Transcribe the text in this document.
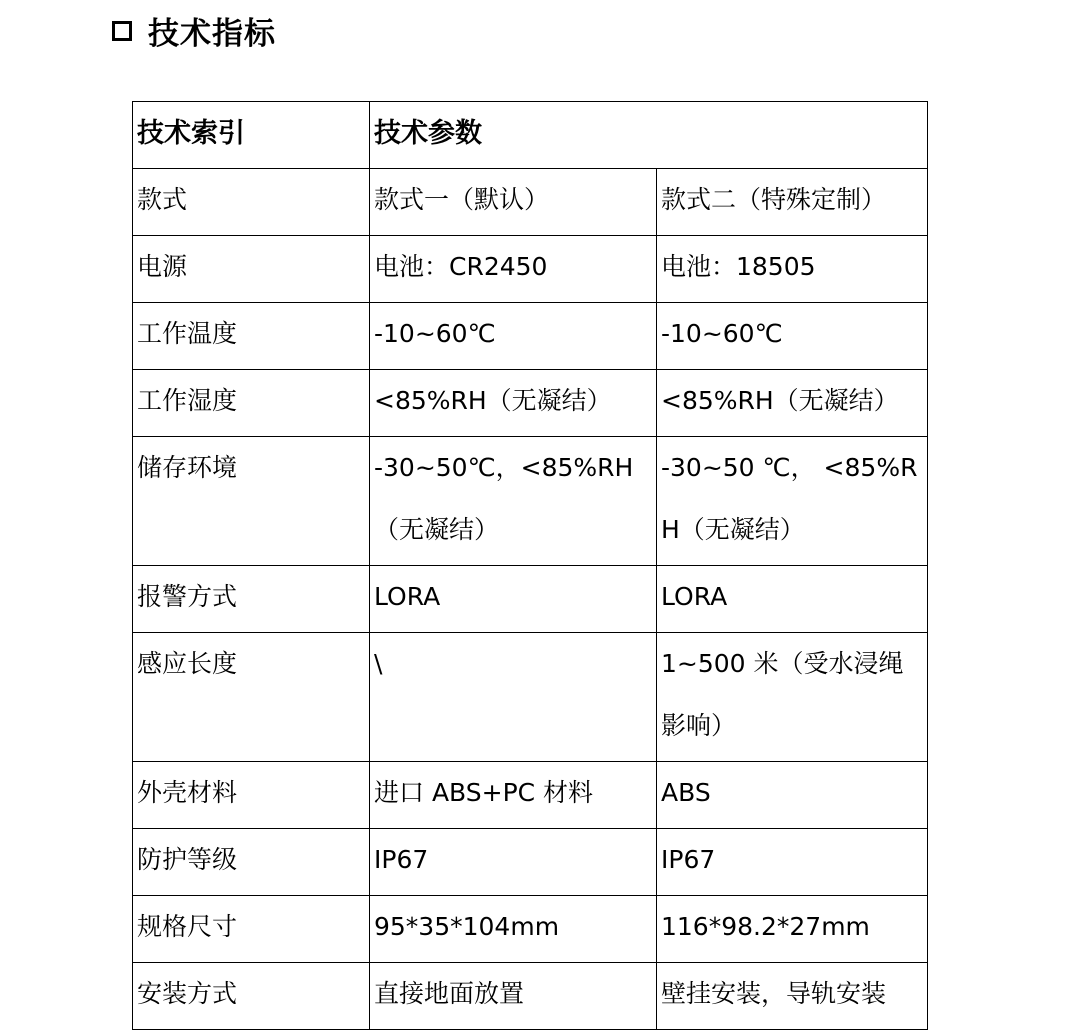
技术指标
技术索引	技术参数	
款式	款式一（默认）	款式二（特殊定制）
电源	电池：CR2450	电池：18505
工作温度	-10~60℃	-10~60℃
工作湿度	<85%RH（无凝结）	<85%RH（无凝结）
储存环境	-30~50℃，<85%RH（无凝结）	-30~50 ℃， <85%RH（无凝结）
报警方式	LORA	LORA
感应长度	\	1~500 米（受水浸绳影响）
外壳材料	进口 ABS+PC 材料	ABS
防护等级	IP67	IP67
规格尺寸	95*35*104mm	116*98.2*27mm
安装方式	直接地面放置	壁挂安装，导轨安装
